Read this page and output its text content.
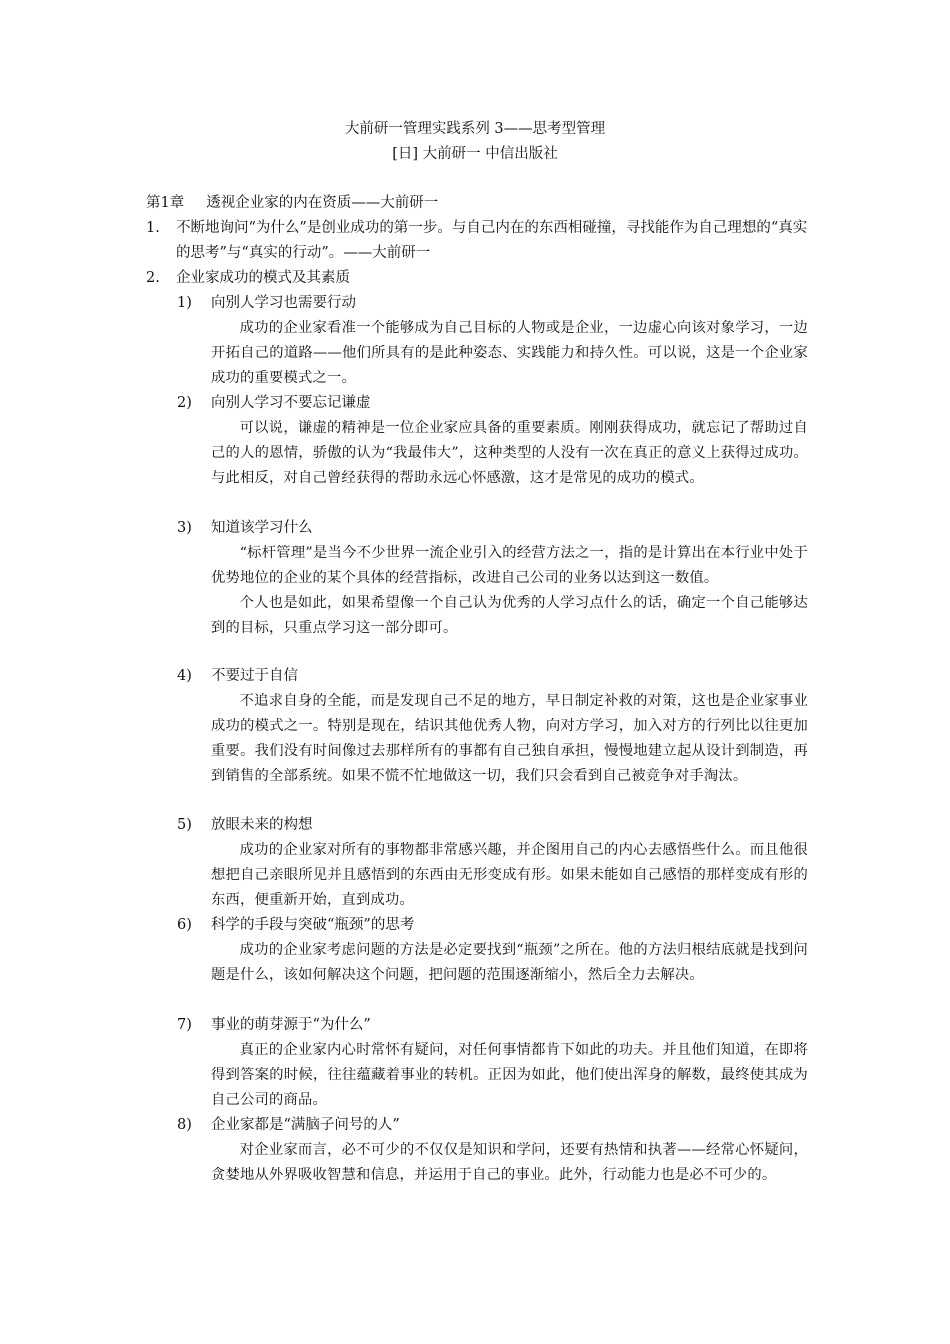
大前研一管理实践系列 3——思考型管理
[日] 大前研一 中信出版社
第1章 透视企业家的内在资质——大前研一
1.	不断地询问“为什么”是创业成功的第一步。与自己内在的东西相碰撞，寻找能作为自己理想的“真实的思考”与“真实的行动”。——大前研一
2.	企业家成功的模式及其素质
1) 向别人学习也需要行动
成功的企业家看准一个能够成为自己目标的人物或是企业，一边虚心向该对象学习，一边开拓自己的道路——他们所具有的是此种姿态、实践能力和持久性。可以说，这是一个企业家成功的重要模式之一。
2) 向别人学习不要忘记谦虚
可以说，谦虚的精神是一位企业家应具备的重要素质。刚刚获得成功，就忘记了帮助过自己的人的恩情，骄傲的认为“我最伟大”，这种类型的人没有一次在真正的意义上获得过成功。与此相反，对自己曾经获得的帮助永远心怀感激，这才是常见的成功的模式。
3) 知道该学习什么
“标杆管理”是当今不少世界一流企业引入的经营方法之一，指的是计算出在本行业中处于优势地位的企业的某个具体的经营指标，改进自己公司的业务以达到这一数值。
个人也是如此，如果希望像一个自己认为优秀的人学习点什么的话，确定一个自己能够达到的目标，只重点学习这一部分即可。
4) 不要过于自信
不追求自身的全能，而是发现自己不足的地方，早日制定补救的对策，这也是企业家事业成功的模式之一。特别是现在，结识其他优秀人物，向对方学习，加入对方的行列比以往更加重要。我们没有时间像过去那样所有的事都有自己独自承担，慢慢地建立起从设计到制造，再到销售的全部系统。如果不慌不忙地做这一切，我们只会看到自己被竞争对手淘汰。
5) 放眼未来的构想
成功的企业家对所有的事物都非常感兴趣，并企图用自己的内心去感悟些什么。而且他很想把自己亲眼所见并且感悟到的东西由无形变成有形。如果未能如自己感悟的那样变成有形的东西，便重新开始，直到成功。
6) 科学的手段与突破“瓶颈”的思考
成功的企业家考虑问题的方法是必定要找到“瓶颈”之所在。他的方法归根结底就是找到问题是什么，该如何解决这个问题，把问题的范围逐渐缩小，然后全力去解决。
7) 事业的萌芽源于“为什么”
真正的企业家内心时常怀有疑问，对任何事情都肯下如此的功夫。并且他们知道，在即将得到答案的时候，往往蕴藏着事业的转机。正因为如此，他们使出浑身的解数，最终使其成为自己公司的商品。
8) 企业家都是“满脑子问号的人”
对企业家而言，必不可少的不仅仅是知识和学问，还要有热情和执著——经常心怀疑问，贪婪地从外界吸收智慧和信息，并运用于自己的事业。此外，行动能力也是必不可少的。
